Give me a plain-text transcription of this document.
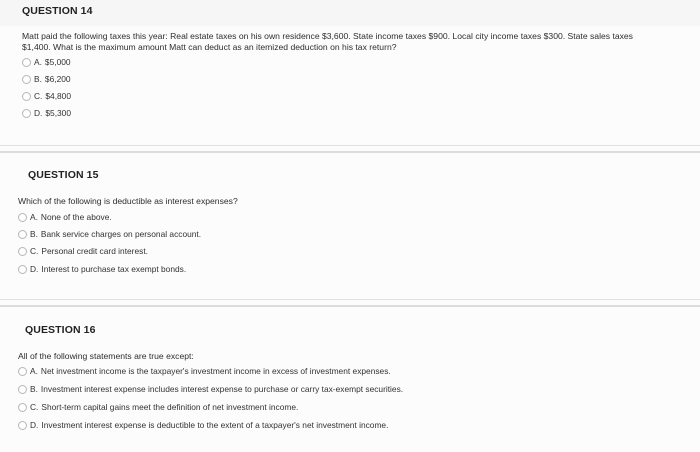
QUESTION 14
Matt paid the following taxes this year: Real estate taxes on his own residence $3,600. State income taxes $900. Local city income taxes $300. State sales taxes
$1,400. What is the maximum amount Matt can deduct as an itemized deduction on his tax return?
A. $5,000
B. $6,200
C. $4,800
D. $5,300
QUESTION 15
Which of the following is deductible as interest expenses?
A. None of the above.
B. Bank service charges on personal account.
C. Personal credit card interest.
D. Interest to purchase tax exempt bonds.
QUESTION 16
All of the following statements are true except:
A. Net investment income is the taxpayer's investment income in excess of investment expenses.
B. Investment interest expense includes interest expense to purchase or carry tax-exempt securities.
C. Short-term capital gains meet the definition of net investment income.
D. Investment interest expense is deductible to the extent of a taxpayer's net investment income.
